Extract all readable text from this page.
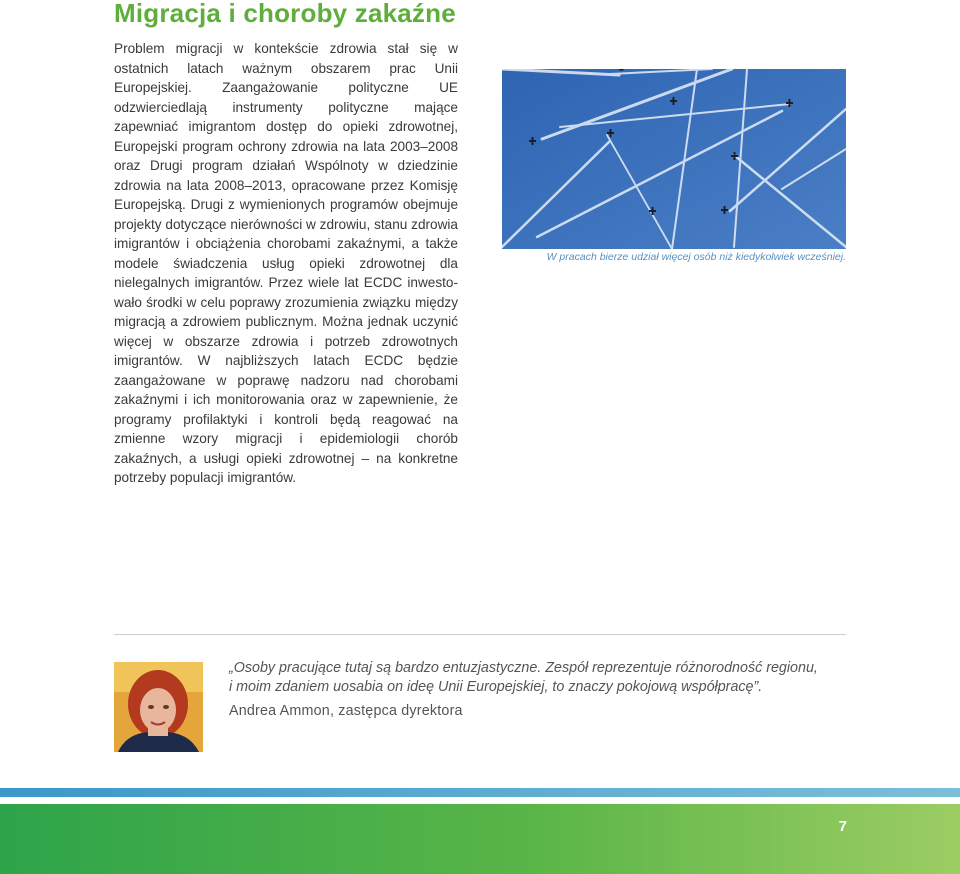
Migracja i choroby zakaźne

Problem migracji w kontekście zdrowia stał się w ostatnich latach ważnym obszarem prac Unii Europejskiej. Zaangażowanie polityczne UE odzwierciedlają instrumenty polityczne mające zapewniać imigrantom dostęp do opieki zdrowotnej, Europejski program ochrony zdrowia na lata 2003–2008 oraz Drugi program działań Wspólnoty w dziedzinie zdrowia na lata 2008–2013, opracowane przez Komisję Europejską. Drugi z wymienionych programów obejmuje projekty dotyczące nierówności w zdrowiu, stanu zdrowia imigrantów i obciążenia chorobami zakaźnymi, a także modele świadczenia usług opieki zdrowotnej dla nielegalnych imigrantów. Przez wiele lat ECDC inwestowało środki w celu poprawy zrozumienia związku między migracją a zdrowiem publicznym. Można jednak uczynić więcej w obszarze zdrowia i potrzeb zdrowotnych imigrantów. W najbliższych latach ECDC będzie zaangażowane w poprawę nadzoru nad chorobami zakaźnymi i ich monitorowania oraz w zapewnienie, że programy profilaktyki i kontroli będą reagować na zmienne wzory migracji i epidemiologii chorób zakaźnych, a usługi opieki zdrowotnej – na konkretne potrzeby populacji imigrantów.

W pracach bierze udział więcej osób niż kiedykolwiek wcześniej.
„Osoby pracujące tutaj są bardzo entuzjastyczne. Zespół reprezentuje różnorodność regionu,
i moim zdaniem uosabia on ideę Unii Europejskiej, to znaczy pokojową współpracę”.
Andrea Ammon, zastępca dyrektora
7
